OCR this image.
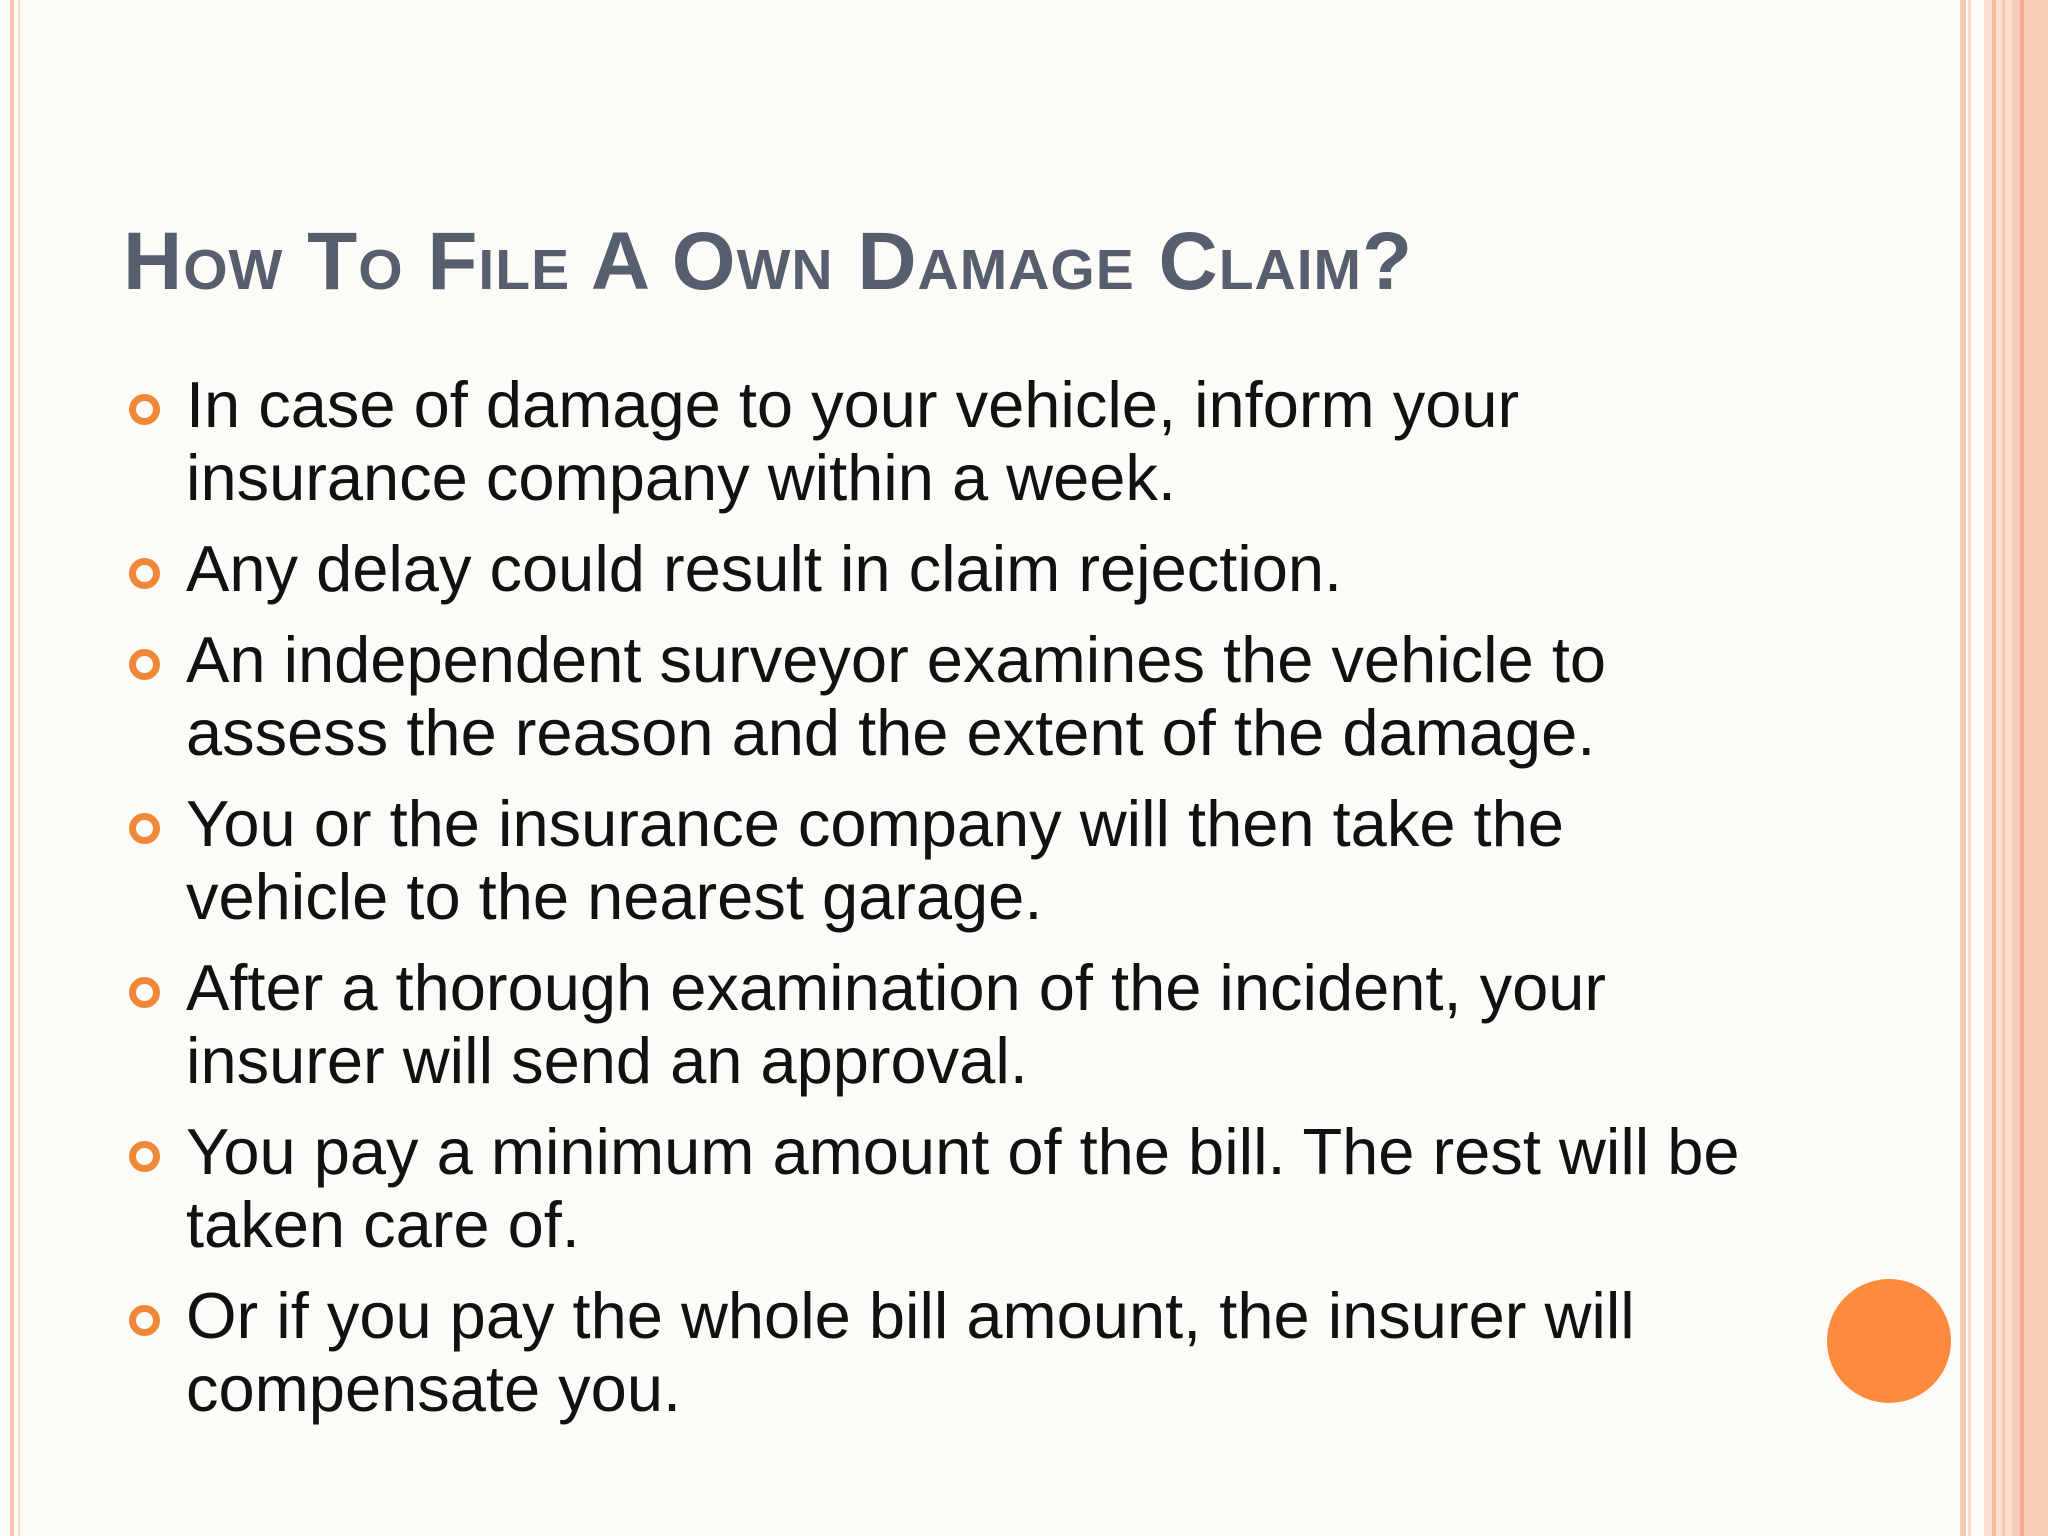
How To File A Own Damage Claim?
In case of damage to your vehicle, inform your insurance company within a week.
Any delay could result in claim rejection.
An independent surveyor examines the vehicle to assess the reason and the extent of the damage.
You or the insurance company will then take the vehicle to the nearest garage.
After a thorough examination of the incident, your insurer will send an approval.
You pay a minimum amount of the bill. The rest will be taken care of.
Or if you pay the whole bill amount, the insurer will compensate you.
